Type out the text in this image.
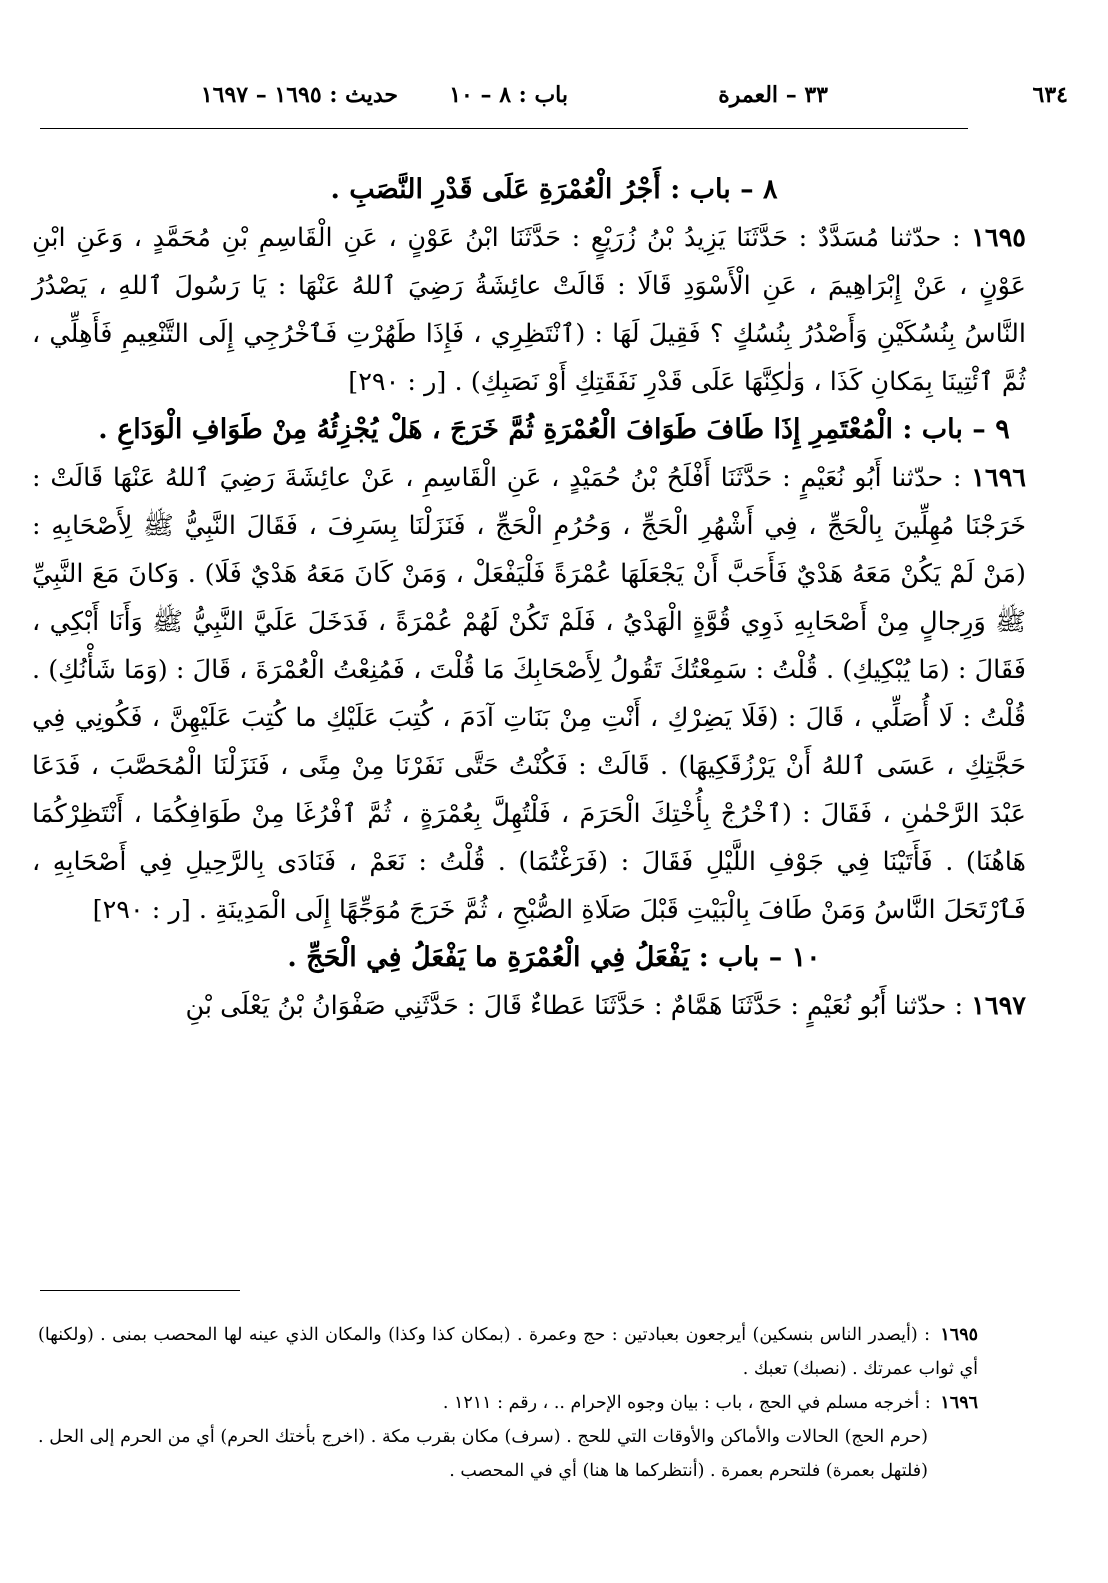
٦٣٤
٣٣ – العمرة
باب : ٨ – ١٠
حديث : ١٦٩٥ – ١٦٩٧

٨ – باب : أَجْرُ الْعُمْرَةِ عَلَى قَدْرِ النَّصَبِ .

١٦٩٥ : حدّثنا مُسَدَّدٌ : حَدَّثَنَا يَزِيدُ بْنُ زُرَيْعٍ : حَدَّثَنَا ابْنُ عَوْنٍ ، عَنِ الْقَاسِمِ بْنِ مُحَمَّدٍ ، وَعَنِ ابْنِ عَوْنٍ ، عَنْ إِبْرَاهِيمَ ، عَنِ الْأَسْوَدِ قَالَا : قَالَتْ عائِشَةُ رَضِيَ ٱللهُ عَنْهَا : يَا رَسُولَ ٱللهِ ، يَصْدُرُ النَّاسُ بِنُسُكَيْنِ وَأَصْدُرُ بِنُسُكٍ ؟ فَقِيلَ لَهَا : (ٱنْتَظِرِي ، فَإِذَا طَهُرْتِ فَٱخْرُجِي إِلَى التَّنْعِيمِ فَأَهِلِّي ، ثُمَّ ٱئْتِينَا بِمَكانِ كَذَا ، وَلٰكِنَّهَا عَلَى قَدْرِ نَفَقَتِكِ أَوْ نَصَبِكِ) . [ر : ٢٩٠]

٩ – باب : الْمُعْتَمِرِ إِذَا طَافَ طَوَافَ الْعُمْرَةِ ثُمَّ خَرَجَ ، هَلْ يُجْزِئُهُ مِنْ طَوَافِ الْوَدَاعِ .

١٦٩٦ : حدّثنا أَبُو نُعَيْمٍ : حَدَّثَنَا أَفْلَحُ بْنُ حُمَيْدٍ ، عَنِ الْقَاسِمِ ، عَنْ عائِشَةَ رَضِيَ ٱللهُ عَنْهَا قَالَتْ : خَرَجْنَا مُهِلِّينَ بِالْحَجِّ ، فِي أَشْهُرِ الْحَجِّ ، وَحُرُمِ الْحَجِّ ، فَنَزَلْنَا بِسَرِفَ ، فَقَالَ النَّبِيُّ ﷺ لِأَصْحَابِهِ : (مَنْ لَمْ يَكُنْ مَعَهُ هَدْيٌ فَأَحَبَّ أَنْ يَجْعَلَهَا عُمْرَةً فَلْيَفْعَلْ ، وَمَنْ كَانَ مَعَهُ هَدْيٌ فَلَا) . وَكانَ مَعَ النَّبِيِّ ﷺ وَرِجالٍ مِنْ أَصْحَابِهِ ذَوِي قُوَّةٍ الْهَدْيُ ، فَلَمْ تَكُنْ لَهُمْ عُمْرَةً ، فَدَخَلَ عَلَيَّ النَّبِيُّ ﷺ وَأَنَا أَبْكِي ، فَقَالَ : (مَا يُبْكِيكِ) . قُلْتُ : سَمِعْتُكَ تَقُولُ لِأَصْحَابِكَ مَا قُلْتَ ، فَمُنِعْتُ الْعُمْرَةَ ، قَالَ : (وَمَا شَأْنُكِ) . قُلْتُ : لَا أُصَلِّي ، قَالَ : (فَلَا يَضِرْكِ ، أَنْتِ مِنْ بَنَاتِ آدَمَ ، كُتِبَ عَلَيْكِ ما كُتِبَ عَلَيْهِنَّ ، فَكُونِي فِي حَجَّتِكِ ، عَسَى ٱللهُ أَنْ يَرْزُقَكِيهَا) . قَالَتْ : فَكُنْتُ حَتَّى نَفَرْنَا مِنْ مِنًى ، فَنَزَلْنَا الْمُحَصَّبَ ، فَدَعَا عَبْدَ الرَّحْمٰنِ ، فَقَالَ : (ٱخْرُجْ بِأُخْتِكَ الْحَرَمَ ، فَلْتُهِلَّ بِعُمْرَةٍ ، ثُمَّ ٱفْرُغَا مِنْ طَوَافِكُمَا ، أَنْتَظِرْكُمَا هَاهُنَا) . فَأَتَيْنَا فِي جَوْفِ اللَّيْلِ فَقَالَ : (فَرَغْتُمَا) . قُلْتُ : نَعَمْ ، فَنَادَى بِالرَّحِيلِ فِي أَصْحَابِهِ ، فَٱرْتَحَلَ النَّاسُ وَمَنْ طَافَ بِالْبَيْتِ قَبْلَ صَلَاةِ الصُّبْحِ ، ثُمَّ خَرَجَ مُوَجِّهًا إِلَى الْمَدِينَةِ . [ر : ٢٩٠]

١٠ – باب : يَفْعَلُ فِي الْعُمْرَةِ ما يَفْعَلُ فِي الْحَجِّ .

١٦٩٧ : حدّثنا أَبُو نُعَيْمٍ : حَدَّثَنَا هَمَّامٌ : حَدَّثَنَا عَطاءٌ قَالَ : حَدَّثَنِي صَفْوَانُ بْنُ يَعْلَى بْنِ

١٦٩٥ : (أيصدر الناس بنسكين) أيرجعون بعبادتين : حج وعمرة . (بمكان كذا وكذا) والمكان الذي عينه لها المحصب بمنى . (ولكنها) أي ثواب عمرتك . (نصبك) تعبك .

١٦٩٦ : أخرجه مسلم في الحج ، باب : بيان وجوه الإحرام .. ، رقم : ١٢١١ .

(حرم الحج) الحالات والأماكن والأوقات التي للحج . (سرف) مكان بقرب مكة . (اخرج بأختك الحرم) أي من الحرم إلى الحل . (فلتهل بعمرة) فلتحرم بعمرة . (أنتظركما ها هنا) أي في المحصب .
